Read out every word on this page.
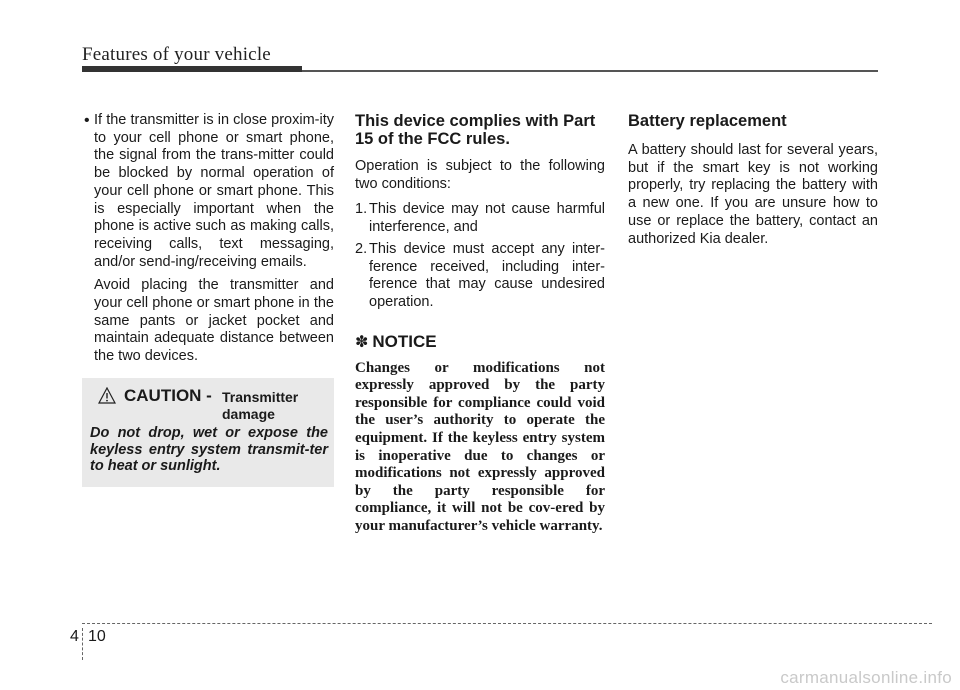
Features of your vehicle
• If the transmitter is in close proxim-ity to your cell phone or smart phone, the signal from the trans-mitter could be blocked by normal operation of your cell phone or smart phone. This is especially important when the phone is active such as making calls, receiving calls, text messaging, and/or send-ing/receiving emails.

Avoid placing the transmitter and your cell phone or smart phone in the same pants or jacket pocket and maintain adequate distance between the two devices.

CAUTION - Transmitter damage

Do not drop, wet or expose the keyless entry system transmit-ter to heat or sunlight.

This device complies with Part 15 of the FCC rules.

Operation is subject to the following two conditions:

1. This device may not cause harmful interference, and
2. This device must accept any inter-ference received, including inter-ference that may cause undesired operation.
✽ NOTICE
Changes or modifications not expressly approved by the party responsible for compliance could void the user’s authority to operate the equipment. If the keyless entry system is inoperative due to changes or modifications not expressly approved by the party responsible for compliance, it will not be cov-ered by your manufacturer’s vehicle warranty.
Battery replacement

A battery should last for several years, but if the smart key is not working properly, try replacing the battery with a new one. If you are unsure how to use or replace the battery, contact an authorized Kia dealer.

4 10
carmanualsonline.info
